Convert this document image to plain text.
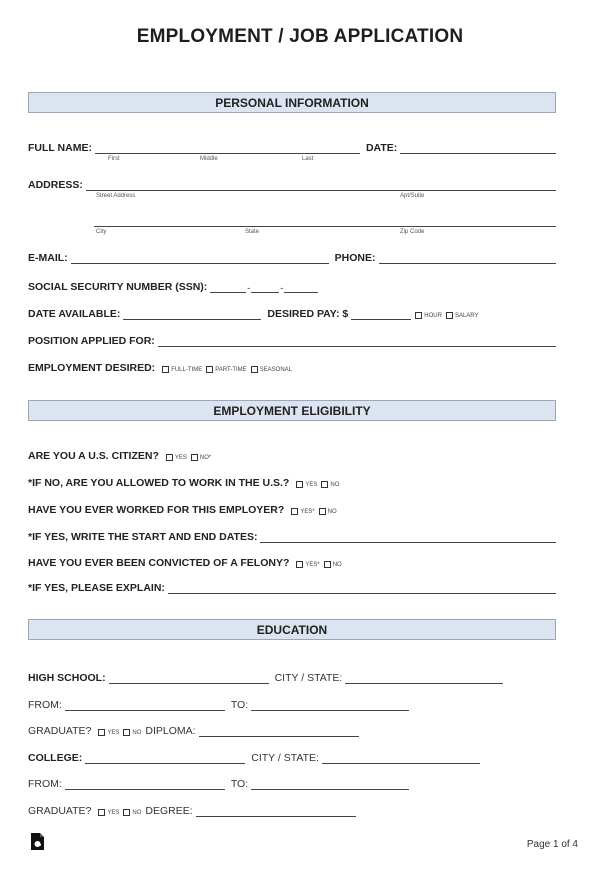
EMPLOYMENT / JOB APPLICATION
PERSONAL INFORMATION
FULL NAME:	DATE:
First	Middle	Last
ADDRESS:
Street Address	Apt/Suite
City	State	Zip Code
E-MAIL:	PHONE:
SOCIAL SECURITY NUMBER (SSN):	-	-
DATE AVAILABLE:	DESIRED PAY: $	HOUR SALARY
POSITION APPLIED FOR:
EMPLOYMENT DESIRED:	FULL-TIME PART-TIME SEASONAL
EMPLOYMENT ELIGIBILITY
ARE YOU A U.S. CITIZEN?	YES NO*
*IF NO, ARE YOU ALLOWED TO WORK IN THE U.S.?	YES NO
HAVE YOU EVER WORKED FOR THIS EMPLOYER?	YES* NO
*IF YES, WRITE THE START AND END DATES:
HAVE YOU EVER BEEN CONVICTED OF A FELONY?	YES* NO
*IF YES, PLEASE EXPLAIN:
EDUCATION
HIGH SCHOOL:	CITY / STATE:
FROM:	TO:
GRADUATE?	YES NO DIPLOMA:
COLLEGE:	CITY / STATE:
FROM:	TO:
GRADUATE?	YES NO DEGREE:
Page 1 of 4
